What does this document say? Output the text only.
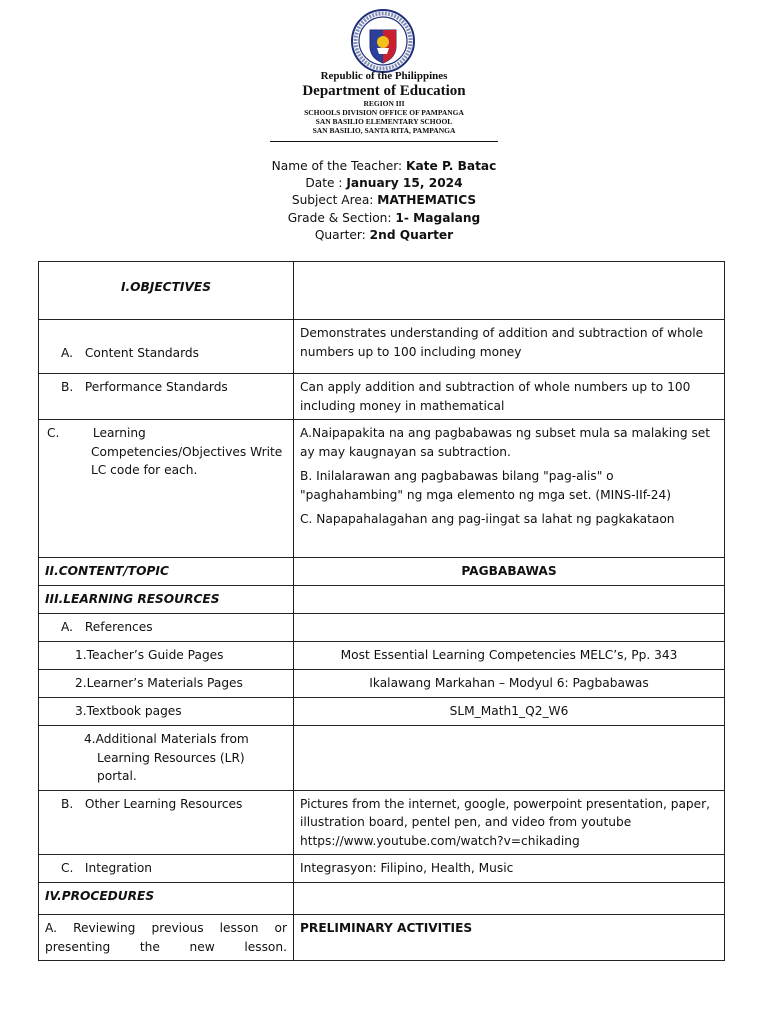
Republic of the Philippines
Department of Education
REGION III
SCHOOLS DIVISION OFFICE OF PAMPANGA
SAN BASILIO ELEMENTARY SCHOOL
SAN BASILIO, SANTA RITA, PAMPANGA
Name of the Teacher: Kate P. Batac
Date : January 15, 2024
Subject Area: MATHEMATICS
Grade & Section: 1- Magalang
Quarter: 2nd Quarter
I.OBJECTIVES	
A. Content Standards	Demonstrates understanding of addition and subtraction of whole numbers up to 100 including money
B. Performance Standards	Can apply addition and subtraction of whole numbers up to 100 including money in mathematical

C. Learning Competencies/Objectives Write LC code for each.	A.Naipapakita na ang pagbabawas ng subset mula sa malaking set ay may kaugnayan sa subtraction.

B. Inilalarawan ang pagbabawas bilang "pag-alis" o "paghahambing" ng mga elemento ng mga set. (MINS-IIf-24)

C. Napapahalagahan ang pag-iingat sa lahat ng pagkakataon

II.CONTENT/TOPIC	PAGBABAWAS
III.LEARNING RESOURCES	
A. References	
1.Teacher’s Guide Pages	Most Essential Learning Competencies MELC’s, Pp. 343
2.Learner’s Materials Pages	Ikalawang Markahan – Modyul 6: Pagbabawas
3.Textbook pages	SLM_Math1_Q2_W6

4.Additional Materials from Learning Resources (LR) portal.	

B. Other Learning Resources	Pictures from the internet, google, powerpoint presentation, paper, illustration board, pentel pen, and video from youtube https://www.youtube.com/watch?v=chikading
C. Integration	Integrasyon: Filipino, Health, Music
IV.PROCEDURES	
A. Reviewing previous lesson or presenting the new lesson.	PRELIMINARY ACTIVITIES
